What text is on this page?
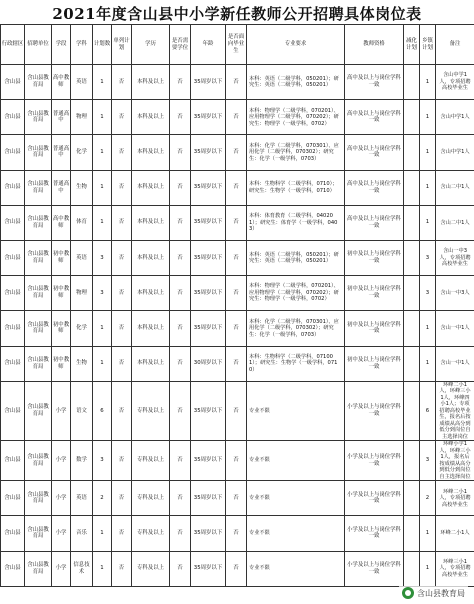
2021年度含山县中小学新任教师公开招聘具体岗位表
行政辖区	招聘单位	学段	学科	计划数	单列计划	学历	是否需要学位	年龄	是否面向毕业生	专业要求	教师资格	减化计划	乡镇计划	备注
含山县	含山县教育局	高中教师	英语	1	否	本科及以上	否	35周岁以下	否	本科：英语（二级学科，050201）；研究生：英语（二级学科，050201）	高中及以上与岗位学科一致		1	含山中学1人，专项招聘高校毕业生
含山县	含山县教育局	普通高中	物理	1	否	本科及以上	否	35周岁以下	否	本科：物理学（二级学科，070201）、应用物理学（二级学科，070202）；研究生：物理学（一级学科，0702）	高中及以上与岗位学科一致		1	含山中学1人
含山县	含山县教育局	普通高中	化学	1	否	本科及以上	否	35周岁以下	否	本科：化学（二级学科，070301）、应用化学（二级学科，070302）；研究生：化学（一级学科，0703）	高中及以上与岗位学科一致		1	含山中学1人
含山县	含山县教育局	普通高中	生物	1	否	本科及以上	否	35周岁以下	否	本科：生物科学（二级学科，0710）；研究生：生物学（一级学科，0710）	高中及以上与岗位学科一致		1	含山二中1人
含山县	含山县教育局	高中教师	体育	1	否	本科及以上	否	35周岁以下	否	本科：体育教育（二级学科，040201）；研究生：体育学（一级学科，0403）	高中及以上与岗位学科一致		1	含山二中1人
含山县	含山县教育局	初中教师	英语	3	否	本科及以上	否	35周岁以下	否	本科：英语（二级学科，050201）；研究生：英语（二级学科，050201）	初中及以上与岗位学科一致		3	含山一中3人，专项招聘高校毕业生
含山县	含山县教育局	初中教师	物理	3	否	本科及以上	否	35周岁以下	否	本科：物理学（二级学科，070201）、应用物理学（二级学科，070202）；研究生：物理学（一级学科，0702）	初中及以上与岗位学科一致		3	含山一中3人
含山县	含山县教育局	初中教师	化学	1	否	本科及以上	否	35周岁以下	否	本科：化学（二级学科，070301）、应用化学（二级学科，070302）；研究生：化学（一级学科，0703）	初中及以上与岗位学科一致		1	含山一中1人
含山县	含山县教育局	初中教师	生物	1	否	本科及以上	否	30周岁以下	否	本科：生物科学（二级学科，071001）；研究生：生物学（一级学科，0710）	初中及以上与岗位学科一致		1	含山一中1人
含山县	含山县教育局	小学	语文	6	否	专科及以上	否	35周岁以下	否	专业不限	小学及以上与岗位学科一致		6	环峰二小1人，环峰三小1人，环峰四小1人；专项招聘高校毕业生，报名后按成绩从高分到低分到岗位自主选择岗位
含山县	含山县教育局	小学	数学	3	否	专科及以上	否	35周岁以下	否	专业不限	小学及以上与岗位学科一致		3	环峰小学1人，环峰三小1人，报名后按成绩从高分到低分到岗位自主选择岗位
含山县	含山县教育局	小学	英语	2	否	专科及以上	否	35周岁以下	否	专业不限	小学及以上与岗位学科一致		2	环峰二小1人，专项招聘高校毕业生
含山县	含山县教育局	小学	音乐	1	否	专科及以上	否	35周岁以下	否	专业不限	小学及以上与岗位学科一致		1	环峰二小1人
含山县	含山县教育局	小学	信息技术	1	否	专科及以上	否	35周岁以下	否	专业不限	小学及以上与岗位学科一致		1	环峰三小1人，专项招聘高校毕业生
含山县教育局
